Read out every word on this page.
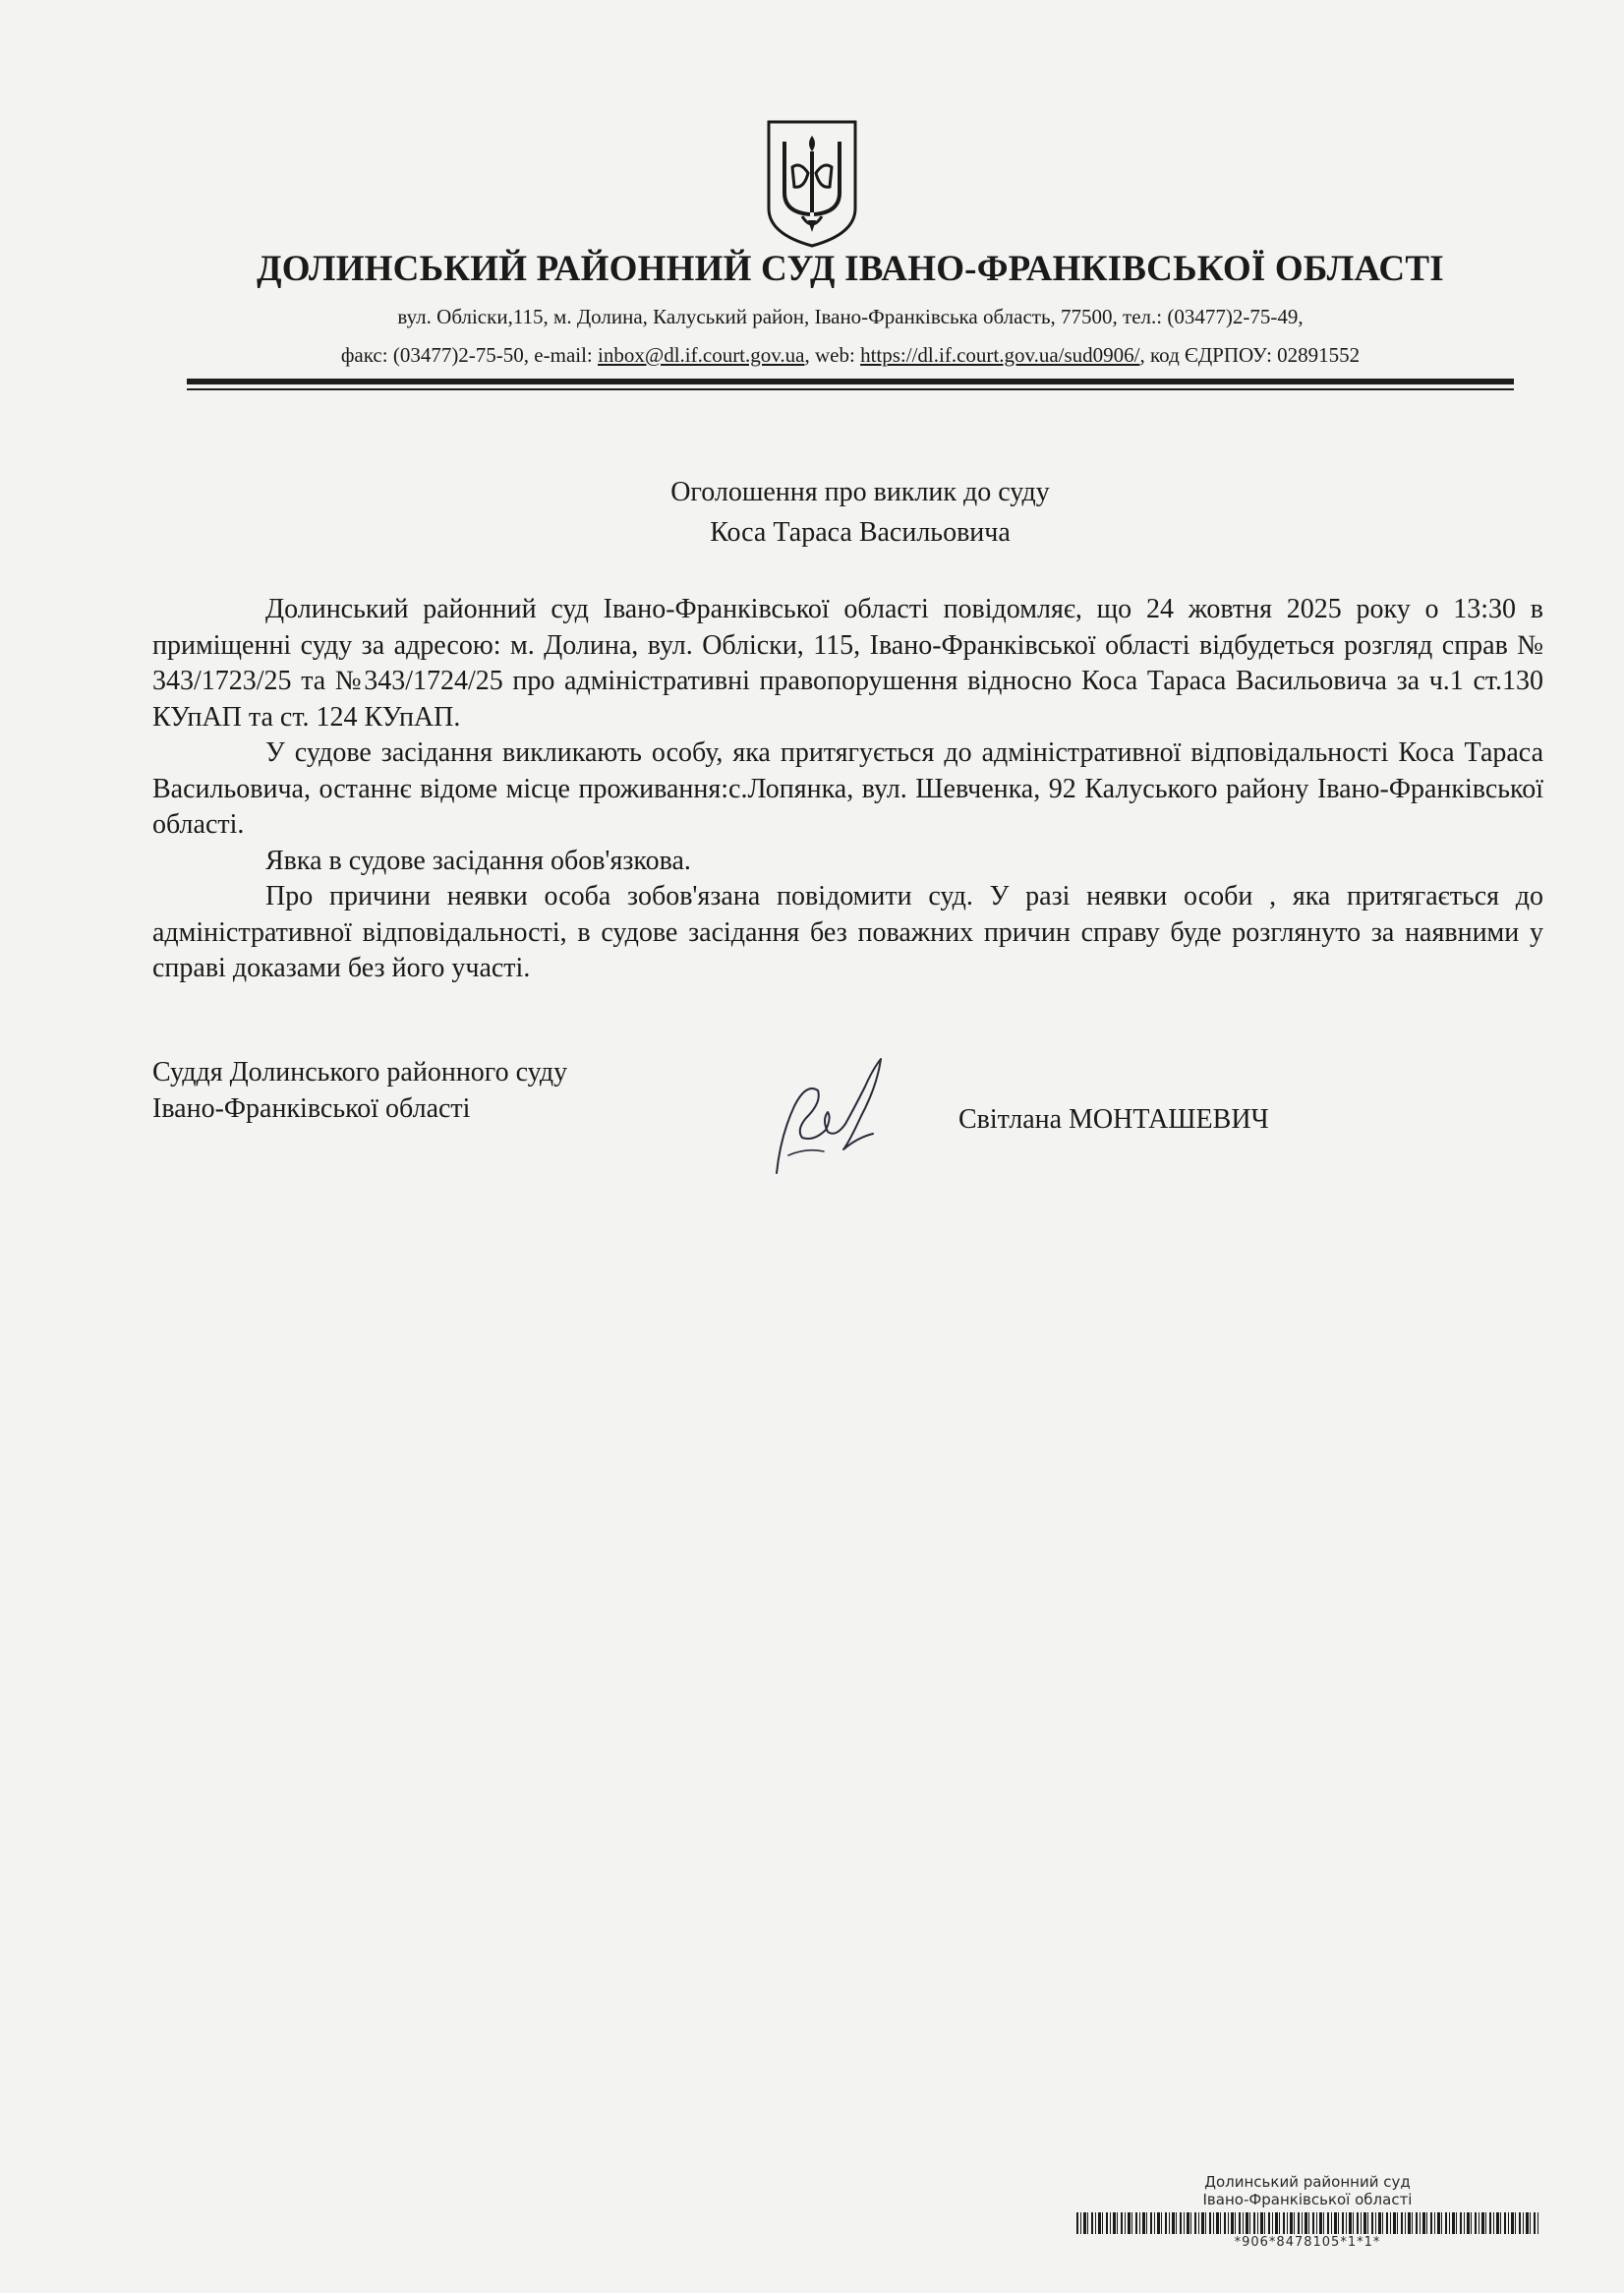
ДОЛИНСЬКИЙ РАЙОННИЙ СУД ІВАНО-ФРАНКІВСЬКОЇ ОБЛАСТІ
вул. Обліски,115, м. Долина, Калуський район, Івано-Франківська область, 77500, тел.: (03477)2-75-49,
факс: (03477)2-75-50, e-mail: inbox@dl.if.court.gov.ua, web: https://dl.if.court.gov.ua/sud0906/, код ЄДРПОУ: 02891552
Оголошення про виклик до суду
Коса Тараса Васильовича

Долинський районний суд Івано-Франківської області повідомляє, що 24 жовтня 2025 року о 13:30 в приміщенні суду за адресою: м. Долина, вул. Обліски, 115, Івано-Франківської області відбудеться розгляд справ № 343/1723/25 та №343/1724/25 про адміністративні правопорушення відносно Коса Тараса Васильовича за ч.1 ст.130 КУпАП та ст. 124 КУпАП.

У судове засідання викликають особу, яка притягується до адміністративної відповідальності Коса Тараса Васильовича, останнє відоме місце проживання:с.Лопянка, вул. Шевченка, 92 Калуського району Івано-Франківської області.

Явка в судове засідання обов'язкова.

Про причини неявки особа зобов'язана повідомити суд. У разі неявки особи , яка притягається до адміністративної відповідальності, в судове засідання без поважних причин справу буде розглянуто за наявними у справі доказами без його участі.

Суддя Долинського районного суду
Івано-Франківської області	Світлана МОНТАШЕВИЧ
Долинський районний суд
Івано-Франківської області
*906*8478105*1*1*
